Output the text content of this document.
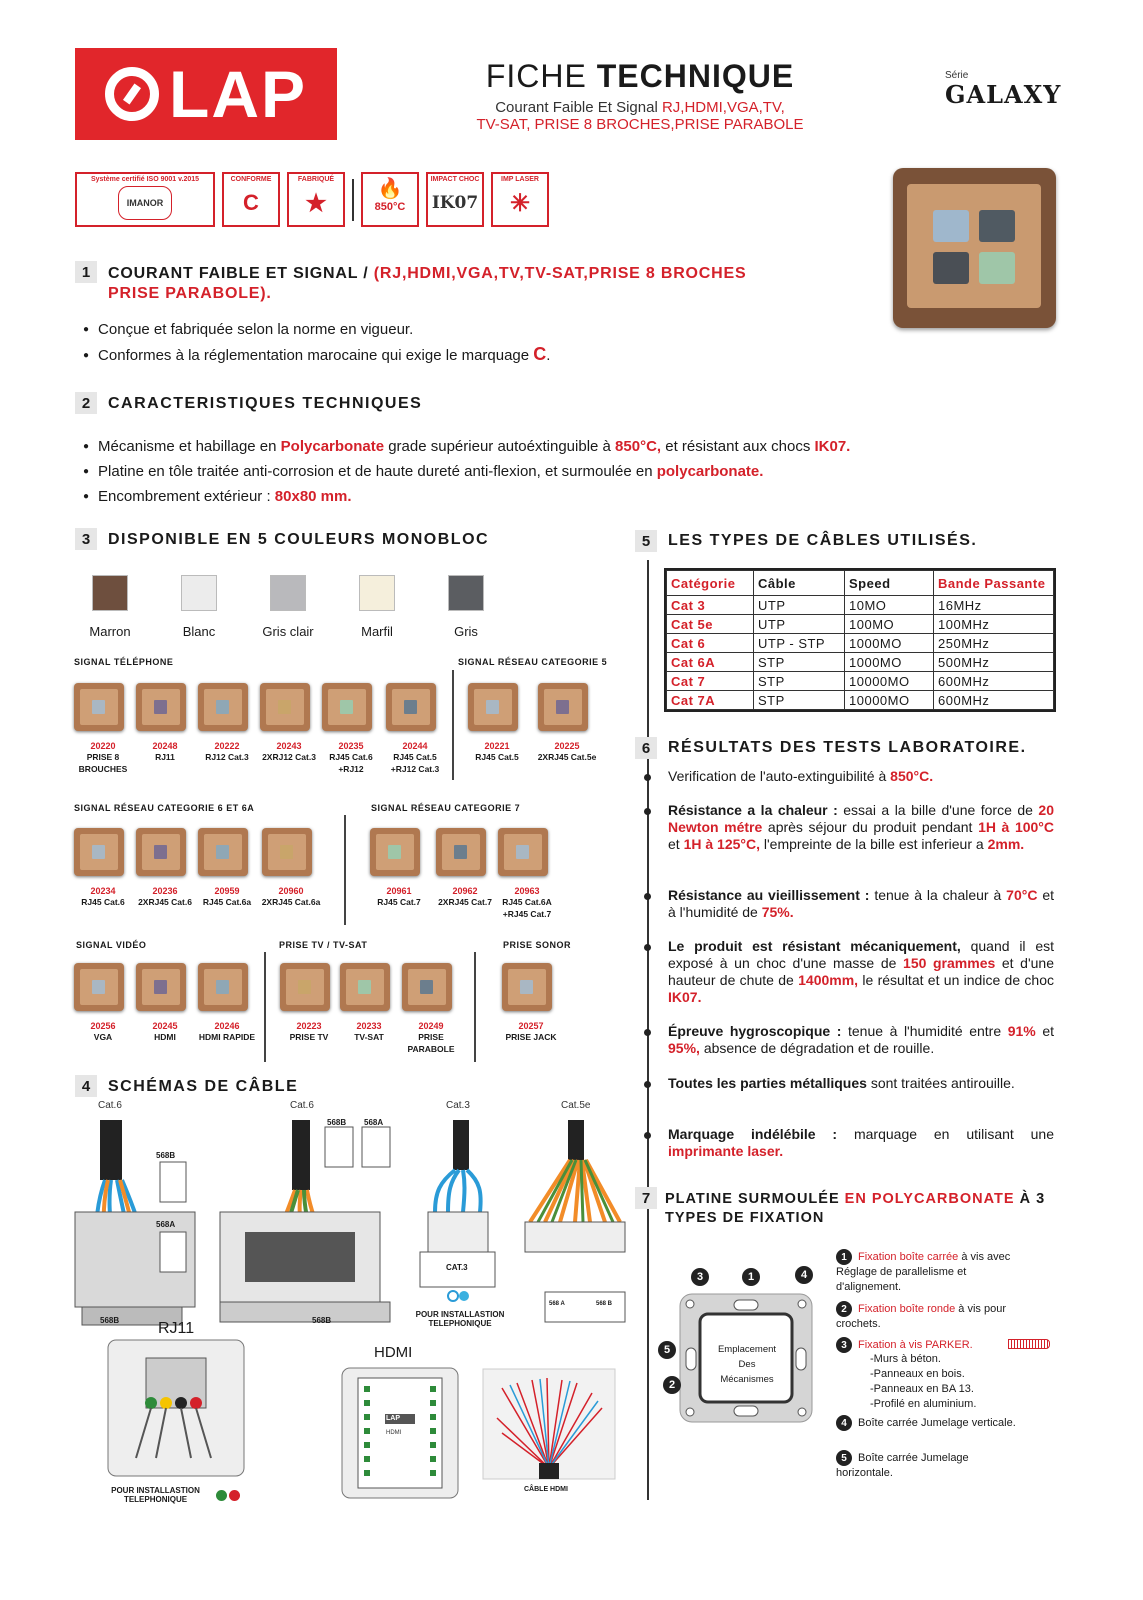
LAP	FICHE TECHNIQUE
Courant Faible Et Signal RJ,HDMI,VGA,TV,
TV-SAT, PRISE 8 BROCHES,PRISE PARABOLE
Série
GALAXY
Système certifié ISO 9001 v.2015
IMANOR
CONFORME
C
FABRIQUÉ
★
🔥
850°C
IMPACT CHOC
IK07
IMP LASER
✳
1	COURANT FAIBLE ET SIGNAL / (RJ,HDMI,VGA,TV,TV-SAT,PRISE 8 BROCHES
PRISE PARABOLE).
● Conçue et fabriquée selon la norme en vigueur.
● Conformes à la réglementation marocaine qui exige le marquage C.
2	CARACTERISTIQUES TECHNIQUES
● Mécanisme et habillage en Polycarbonate grade supérieur autoéxtinguible à 850°C, et résistant aux chocs IK07.
● Platine en tôle traitée anti-corrosion et de haute dureté anti-flexion, et surmoulée en polycarbonate.
● Encombrement extérieur : 80x80 mm.
3	DISPONIBLE EN 5 COULEURS MONOBLOC
Marron	Blanc	Gris clair	Marfil	Gris
SIGNAL TÉLÉPHONE	SIGNAL RÉSEAU CATEGORIE 5
20220
PRISE 8 BROUCHES
20248
RJ11
20222
RJ12 Cat.3
20243
2XRJ12 Cat.3
20235
RJ45 Cat.6 +RJ12
20244
RJ45 Cat.5 +RJ12 Cat.3
20221
RJ45 Cat.5
20225
2XRJ45 Cat.5e
SIGNAL RÉSEAU CATEGORIE 6 ET 6A	SIGNAL RÉSEAU CATEGORIE 7
20234
RJ45 Cat.6
20236
2XRJ45 Cat.6
20959
RJ45 Cat.6a
20960
2XRJ45 Cat.6a
20961
RJ45 Cat.7
20962
2XRJ45 Cat.7
20963
RJ45 Cat.6A +RJ45 Cat.7
SIGNAL VIDÉO	PRISE TV / TV-SAT	PRISE SONOR
20256
VGA
20245
HDMI
20246
HDMI RAPIDE
20223
PRISE TV
20233
TV-SAT
20249
PRISE PARABOLE
20257
PRISE JACK
4	SCHÉMAS DE CÂBLE
Cat.6	Cat.6	Cat.3	Cat.5e
568B
568A
568B 568A
568B	568B
CAT.3
POUR INSTALLASTION TELEPHONIQUE
568 A	568 B
RJ11
POUR INSTALLASTION TELEPHONIQUE
HDMI
LAP
HDMI
CÂBLE HDMI
5	LES TYPES DE CÂBLES UTILISÉS.
Catégorie	Câble	Speed	Bande Passante
Cat 3	UTP	10MO	16MHz
Cat 5e	UTP	100MO	100MHz
Cat 6	UTP - STP	1000MO	250MHz
Cat 6A	STP	1000MO	500MHz
Cat 7	STP	10000MO	600MHz
Cat 7A	STP	10000MO	600MHz
6	RÉSULTATS DES TESTS LABORATOIRE.
Verification de l'auto-extinguibilité à 850°C.
Résistance a la chaleur : essai a la bille d'une force de 20 Newton métre après séjour du produit pendant 1H à 100°C et 1H à 125°C, l'empreinte de la bille est inferieur a 2mm.
Résistance au vieillissement : tenue à la chaleur à 70°C et à l'humidité de 75%.
Le produit est résistant mécaniquement, quand il est exposé à un choc d'une masse de 150 grammes et d'une hauteur de chute de 1400mm, le résultat et un indice de choc IK07.
Épreuve hygroscopique : tenue à l'humidité entre 91% et 95%, absence de dégradation et de rouille.
Toutes les parties métalliques sont traitées antirouille.
Marquage indélébile : marquage en utilisant une imprimante laser.
7	PLATINE SURMOULÉE EN POLYCARBONATE À 3
TYPES DE FIXATION
Emplacement
Des
Mécanismes
3	1	4
5
2
1 Fixation boîte carrée à vis avec Réglage de parallelisme et d'alignement.
2 Fixation boîte ronde à vis pour crochets.
3 Fixation à vis PARKER.
-Murs à béton.
-Panneaux en bois.
-Panneaux en BA 13.
-Profilé en aluminium.
4 Boîte carrée Jumelage verticale.
5 Boîte carrée Jumelage horizontale.
